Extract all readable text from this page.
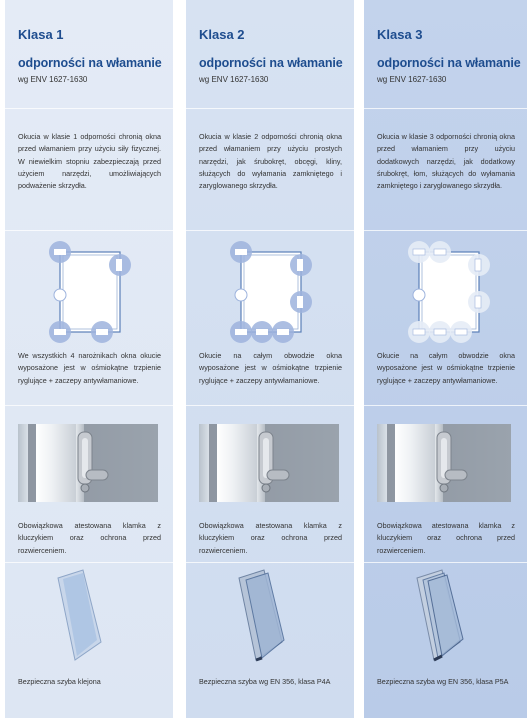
Klasa 1
odporności na włamanie
wg ENV 1627-1630
Okucia w klasie 1 odporności chronią okna przed włamaniem przy użyciu siły fizycznej. W niewielkim stopniu zabezpieczają przed użyciem narzędzi, umożliwiających podważenie skrzydła.
We wszystkich 4 narożnikach okna okucie wyposażone jest w ośmiokątne trzpienie ryglujące + zaczepy antywłamaniowe.
Obowiązkowa atestowana klamka z kluczykiem oraz ochrona przed rozwierceniem.
Bezpieczna szyba klejona
Klasa 2
odporności na włamanie
wg ENV 1627-1630
Okucia w klasie 2 odporności chronią okna przed włamaniem przy użyciu prostych narzędzi, jak śrubokręt, obcęgi, kliny, służących do wyłamania zamkniętego i zaryglowanego skrzydła.
Okucie na całym obwodzie okna wyposażone jest w ośmiokątne trzpienie ryglujące + zaczepy antywłamaniowe.
Obowiązkowa atestowana klamka z kluczykiem oraz ochrona przed rozwierceniem.
Bezpieczna szyba wg EN 356, klasa P4A
Klasa 3
odporności na włamanie
wg ENV 1627-1630
Okucia w klasie 3 odporności chronią okna przed włamaniem przy użyciu dodatkowych narzędzi, jak dodatkowy śrubokręt, łom, służących do wyłamania zamkniętego i zaryglowanego skrzydła.
Okucie na całym obwodzie okna wyposażone jest w ośmiokątne trzpienie ryglujące + zaczepy antywłamaniowe.
Obowiązkowa atestowana klamka z kluczykiem oraz ochrona przed rozwierceniem.
Bezpieczna szyba wg EN 356, klasa P5A
